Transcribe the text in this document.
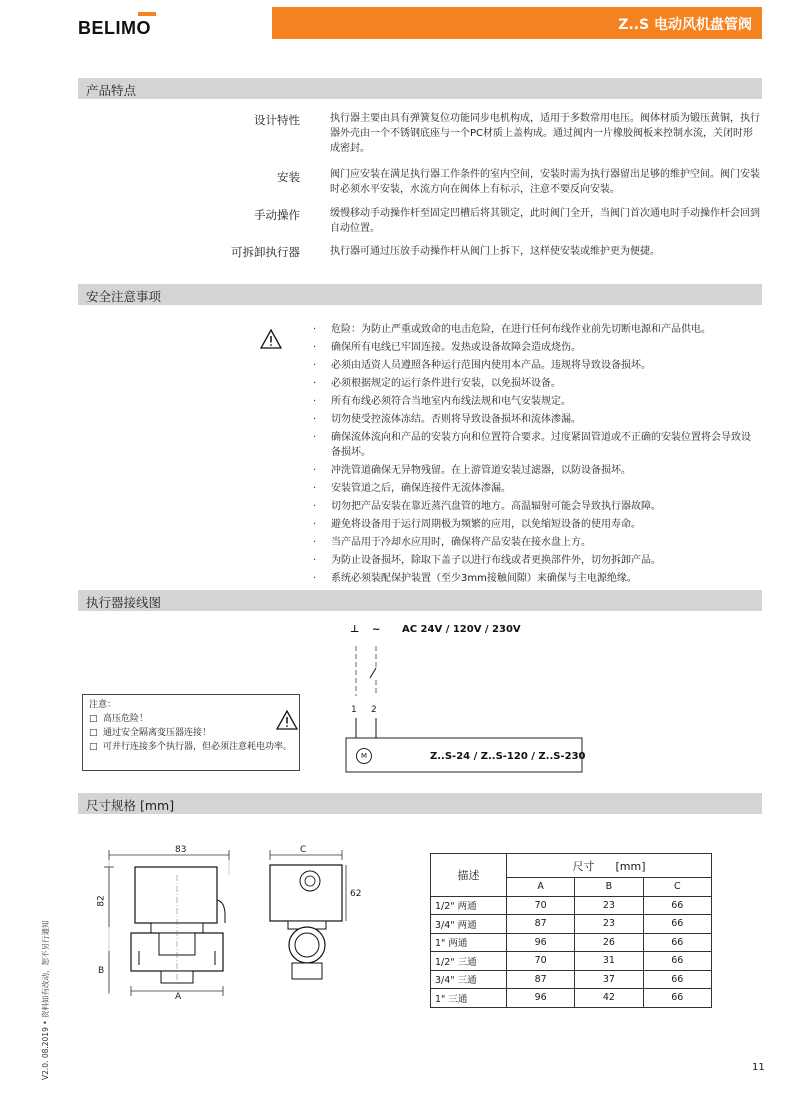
BELIMO	Z..S 电动风机盘管阀
产品特点
设计特性	执行器主要由具有弹簧复位功能同步电机构成，适用于多数常用电压。阀体材质为锻压黄铜，执行器外壳由一个不锈钢底座与一个PC材质上盖构成。通过阀内一片橡胶阀板来控制水流，关闭时形成密封。
安装	阀门应安装在满足执行器工作条件的室内空间，安装时需为执行器留出足够的维护空间。阀门安装时必须水平安装，水流方向在阀体上有标示，注意不要反向安装。
手动操作	缓慢移动手动操作杆至固定凹槽后将其锁定，此时阀门全开，当阀门首次通电时手动操作杆会回到自动位置。
可拆卸执行器	执行器可通过压放手动操作杆从阀门上拆下，这样使安装或维护更为便捷。
安全注意事项
· 危险：为防止严重或致命的电击危险，在进行任何布线作业前先切断电源和产品供电。
· 确保所有电线已牢固连接。发热或设备故障会造成烧伤。
· 必须由适资人员遵照各种运行范围内使用本产品。违规将导致设备损坏。
· 必须根据规定的运行条件进行安装，以免损坏设备。
· 所有布线必须符合当地室内布线法规和电气安装规定。
· 切勿使受控流体冻结。否则将导致设备损坏和流体渗漏。
· 确保流体流向和产品的安装方向和位置符合要求。过度紧固管道或不正确的安装位置将会导致设备损坏。
· 冲洗管道确保无异物残留。在上游管道安装过滤器，以防设备损坏。
· 安装管道之后，确保连接件无流体渗漏。
· 切勿把产品安装在靠近蒸汽盘管的地方。高温辐射可能会导致执行器故障。
· 避免将设备用于运行周期极为频繁的应用，以免缩短设备的使用寿命。
· 当产品用于冷却水应用时，确保将产品安装在接水盘上方。
· 为防止设备损坏，除取下盖子以进行布线或者更换部件外，切勿拆卸产品。
· 系统必须装配保护装置（至少3mm接触间隙）来确保与主电源绝缘。
执行器接线图
⊥ ~ AC 24V / 120V / 230V
1 2
M	Z..S-24 / Z..S-120 / Z..S-230
注意：
□ 高压危险！
□ 通过安全隔离变压器连接！
□ 可并行连接多个执行器，但必须注意耗电功率。
尺寸规格 [mm]
83
82
B
A
C
62
描述	尺寸 [mm]		
	A	B	C
1/2" 两通	70	23	66
3/4" 两通	87	23	66
1" 两通	96	26	66
1/2" 三通	70	31	66
3/4" 三通	87	37	66
1" 三通	96	42	66
V2.0. 08.2019 • 资料如有改动，恕不另行通知	11
